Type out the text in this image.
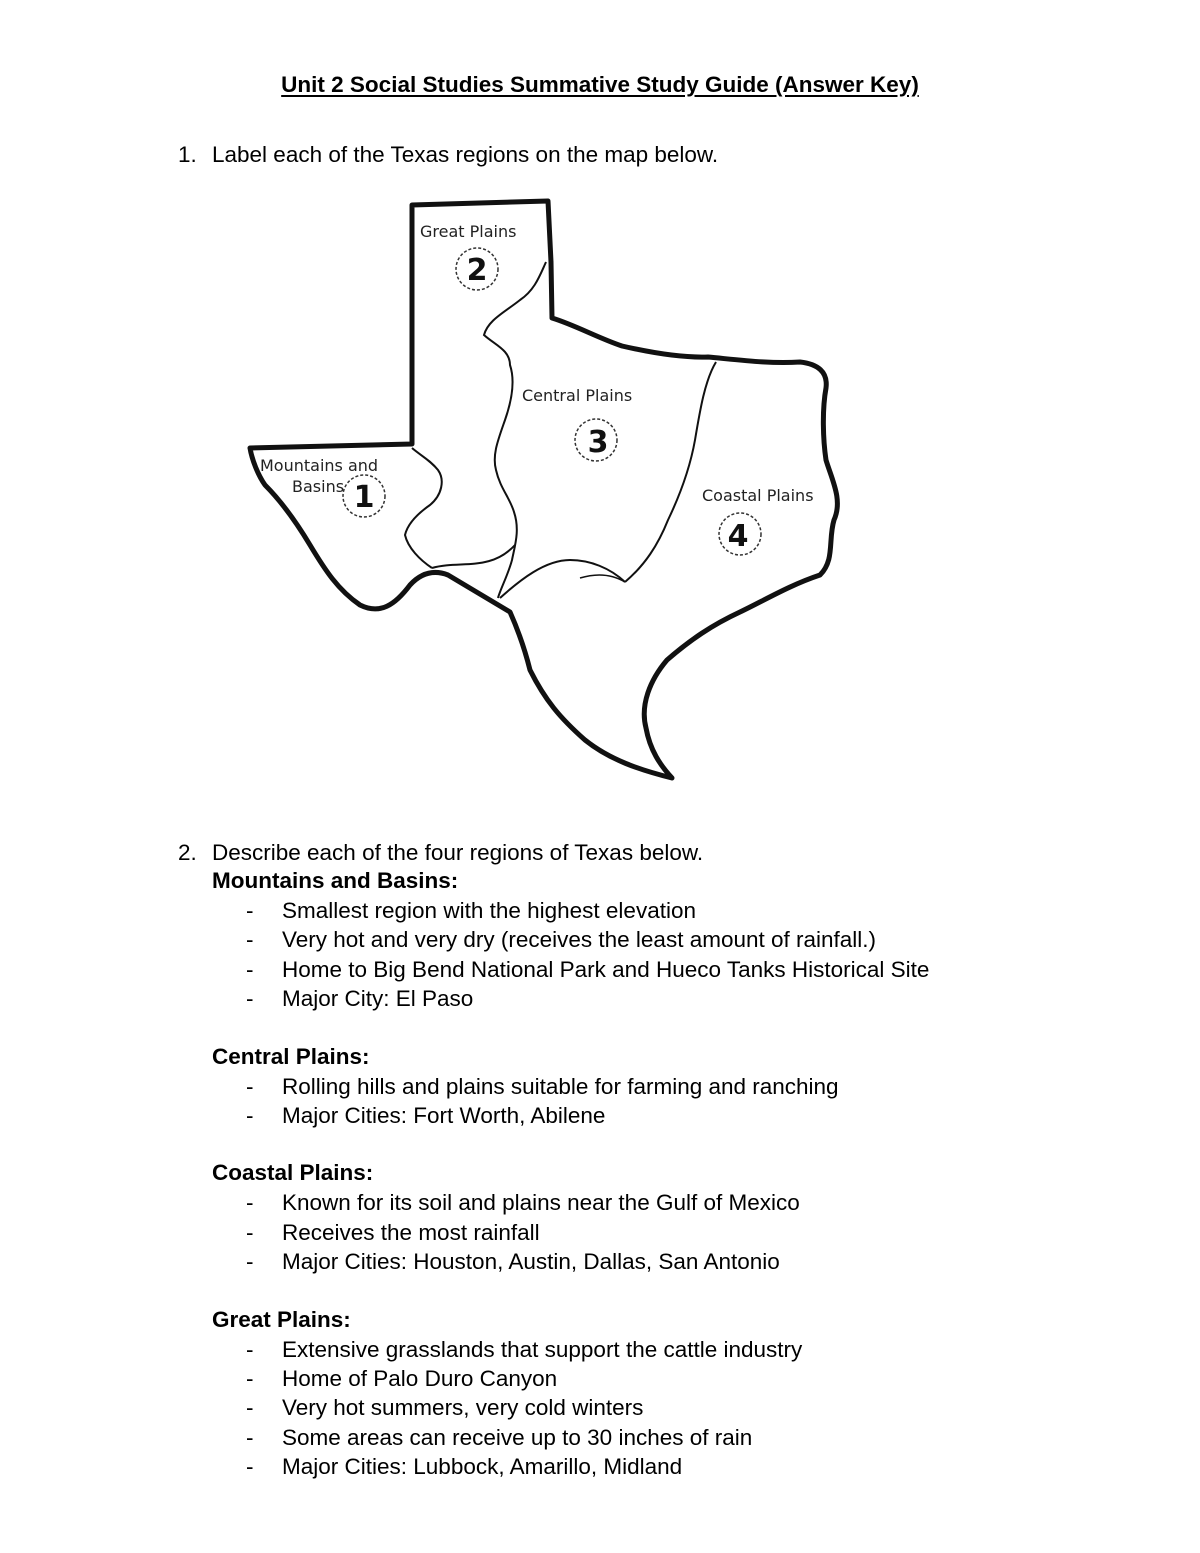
Unit 2 Social Studies Summative Study Guide (Answer Key)
1. Label each of the Texas regions on the map below.
Great Plains
Central Plains
Mountains and
Basins	Coastal Plains
2
3
1
4
2. Describe each of the four regions of Texas below.
Mountains and Basins:
- Smallest region with the highest elevation
- Very hot and very dry (receives the least amount of rainfall.)
- Home to Big Bend National Park and Hueco Tanks Historical Site
- Major City: El Paso
Central Plains:
- Rolling hills and plains suitable for farming and ranching
- Major Cities: Fort Worth, Abilene
Coastal Plains:
- Known for its soil and plains near the Gulf of Mexico
- Receives the most rainfall
- Major Cities: Houston, Austin, Dallas, San Antonio
Great Plains:
- Extensive grasslands that support the cattle industry
- Home of Palo Duro Canyon
- Very hot summers, very cold winters
- Some areas can receive up to 30 inches of rain
- Major Cities: Lubbock, Amarillo, Midland
